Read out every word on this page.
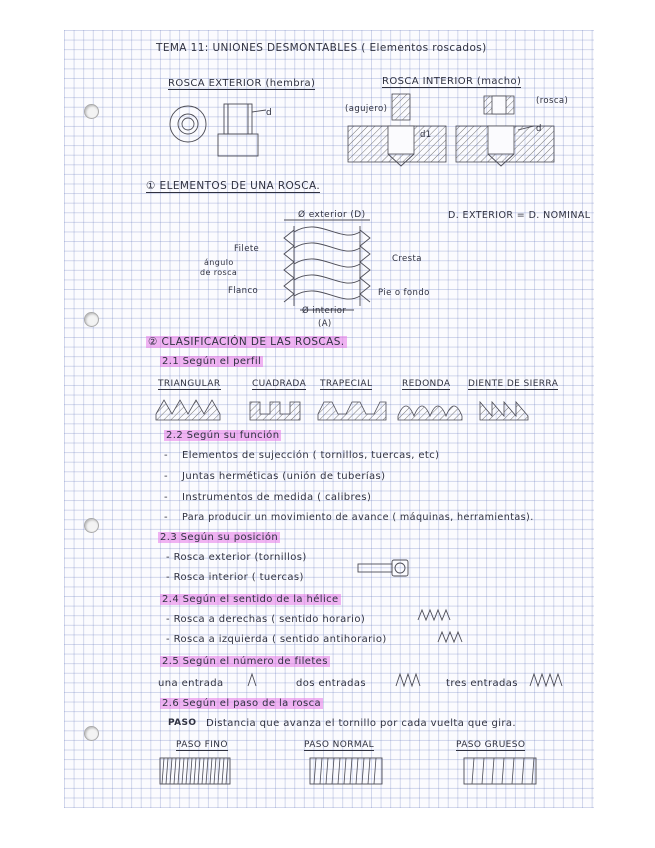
TEMA 11: UNIONES DESMONTABLES ( Elementos roscados)
ROSCA EXTERIOR (hembra)	ROSCA INTERIOR (macho)
d	(agujero)
(rosca)
d1
d
① ELEMENTOS DE UNA ROSCA.
Ø exterior (D)	D. EXTERIOR = D. NOMINAL
Filete
ángulo
de rosca
Flanco
Cresta
Pie o fondo
Ø interior
(A)
② CLASIFICACIÓN DE LAS ROSCAS.
2.1 Según el perfil
TRIANGULAR	CUADRADA TRAPECIAL	REDONDA DIENTE DE SIERRA
2.2 Según su función
- Elementos de sujección ( tornillos, tuercas, etc)
- Juntas herméticas (unión de tuberías)
- Instrumentos de medida ( calibres)
- Para producir un movimiento de avance ( máquinas, herramientas).
2.3 Según su posición
- Rosca exterior (tornillos)
- Rosca interior ( tuercas)
2.4 Según el sentido de la hélice
- Rosca a derechas ( sentido horario)
- Rosca a izquierda ( sentido antihorario)
2.5 Según el número de filetes
una entrada	dos entradas	tres entradas
2.6 Según el paso de la rosca
PASO Distancia que avanza el tornillo por cada vuelta que gira.
PASO FINO	PASO NORMAL	PASO GRUESO
